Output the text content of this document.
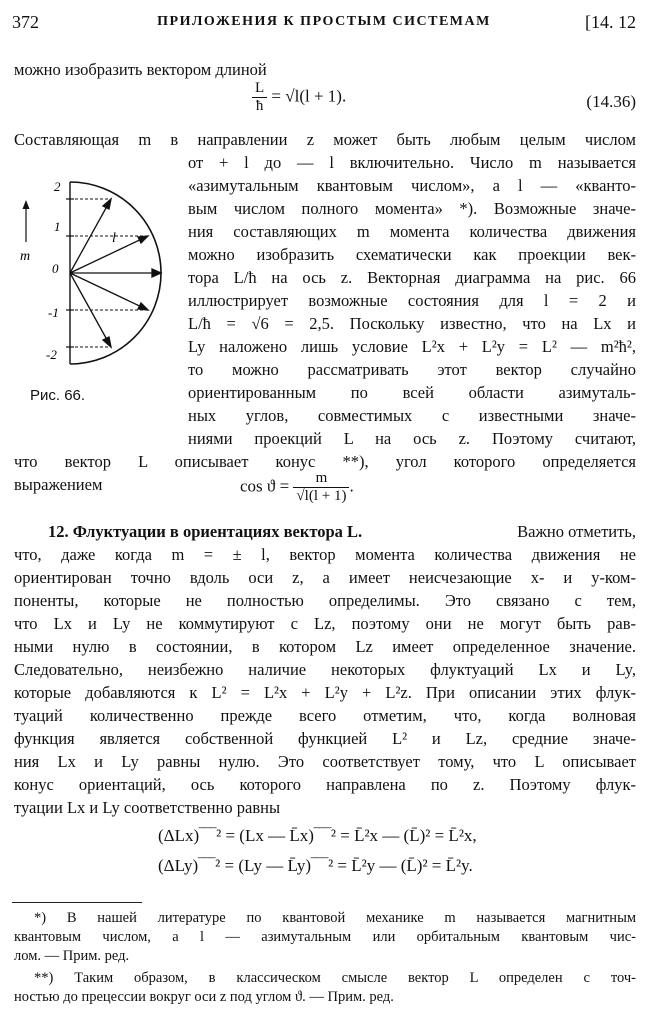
372	ПРИЛОЖЕНИЯ К ПРОСТЫМ СИСТЕМАМ	[14. 12
можно изобразить вектором длиной
$\frac{L}{ħ} = √l(l + 1)$.	(14.36)
Составляющая m в направлении z может быть любым целым числом
от + l до — l включительно. Число m называется
«азимутальным квантовым числом», а l — «кванто-
вым числом полного момента» *). Возможные значе-
ния составляющих m момента количества движения
можно изобразить схематически как проекции век-
тора L/ħ на ось z. Векторная диаграмма на рис. 66
иллюстрирует возможные состояния для l = 2 и
L/ħ = √6 = 2,5. Поскольку известно, что на Lx и
Ly наложено лишь условие L²x + L²y = L² — m²ħ²,
то можно рассматривать этот вектор случайно
ориентированным по всей области азимуталь-
ных углов, совместимых с известными значе-
ниями проекций L на ось z. Поэтому считают,
что вектор L описывает конус **), угол которого определяется
выражением
m
l
2
1
0
-1
-2
Рис. 66.
$\cos ϑ = \frac{m}{√l(l + 1)}$ .
12. Флуктуации в ориентациях вектора L.	Важно отметить,
что, даже когда m = ± l, вектор момента количества движения не
ориентирован точно вдоль оси z, а имеет неисчезающие x- и y-ком-
поненты, которые не полностью определимы. Это связано с тем,
что Lx и Ly не коммутируют с Lz, поэтому они не могут быть рав-
ными нулю в состоянии, в котором Lz имеет определенное значение.
Следовательно, неизбежно наличие некоторых флуктуаций Lx и Ly,
которые добавляются к L² = L²x + L²y + L²z. При описании этих флук-
туаций количественно прежде всего отметим, что, когда волновая
функция является собственной функцией L² и Lz, средние значе-
ния Lx и Ly равны нулю. Это соответствует тому, что L описывает
конус ориентаций, ось которого направлена по z. Поэтому флук-
туации Lx и Ly соответственно равны
(ΔLx)‾‾‾² = (Lx — L̄x)‾‾‾² = L̄²x — (L̄)² = L̄²x,
(ΔLy)‾‾‾² = (Ly — L̄y)‾‾‾² = L̄²y — (L̄)² = L̄²y.
*) В нашей литературе по квантовой механике m называется магнитным
квантовым числом, а l — азимутальным или орбитальным квантовым чис-
лом. — Прим. ред.
**) Таким образом, в классическом смысле вектор L определен с точ-
ностью до прецессии вокруг оси z под углом ϑ. — Прим. ред.
